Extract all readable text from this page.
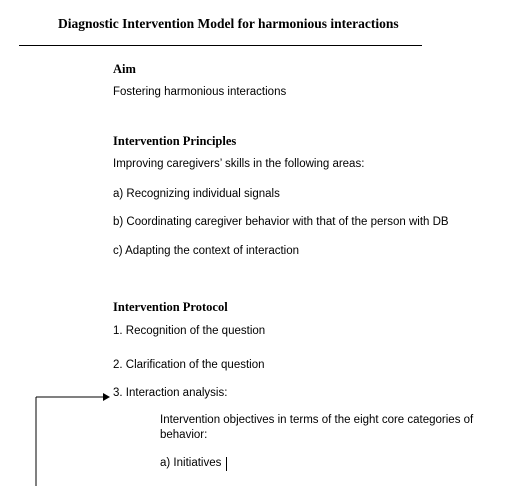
Diagnostic Intervention Model for harmonious interactions
Aim
Fostering harmonious interactions
Intervention Principles
Improving caregivers’ skills in the following areas:
a) Recognizing individual signals
b) Coordinating caregiver behavior with that of the person with DB
c) Adapting the context of interaction
Intervention Protocol
1. Recognition of the question
2. Clarification of the question
3. Interaction analysis:
Intervention objectives in terms of the eight core categories of
behavior:
a) Initiatives
